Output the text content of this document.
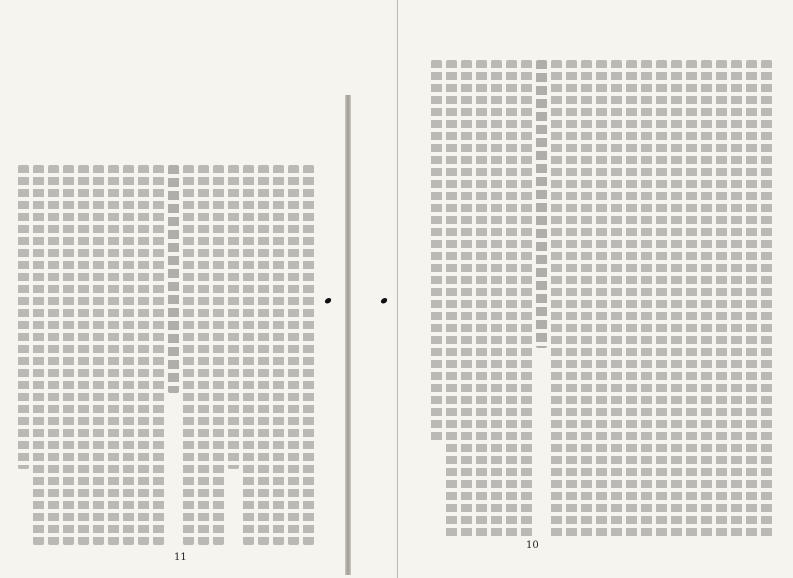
11
𝅘 𝅘
10
